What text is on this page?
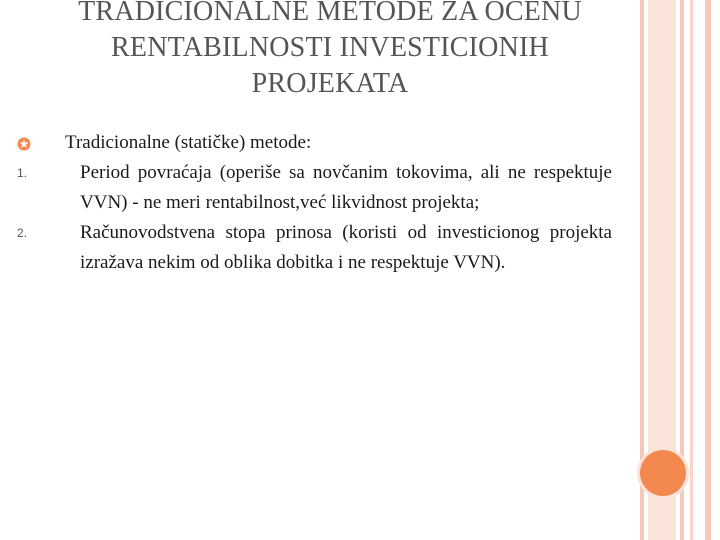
TRADICIONALNE METODE ZA OCENU
RENTABILNOSTI INVESTICIONIH
PROJEKATA
Tradicionalne (statičke) metode:
1.	Period povraćaja (operiše sa novčanim tokovima, ali ne respektuje VVN) - ne meri rentabilnost,već likvidnost projekta;
2.	Računovodstvena stopa prinosa (koristi od investicionog projekta izražava nekim od oblika dobitka i ne respektuje VVN).
